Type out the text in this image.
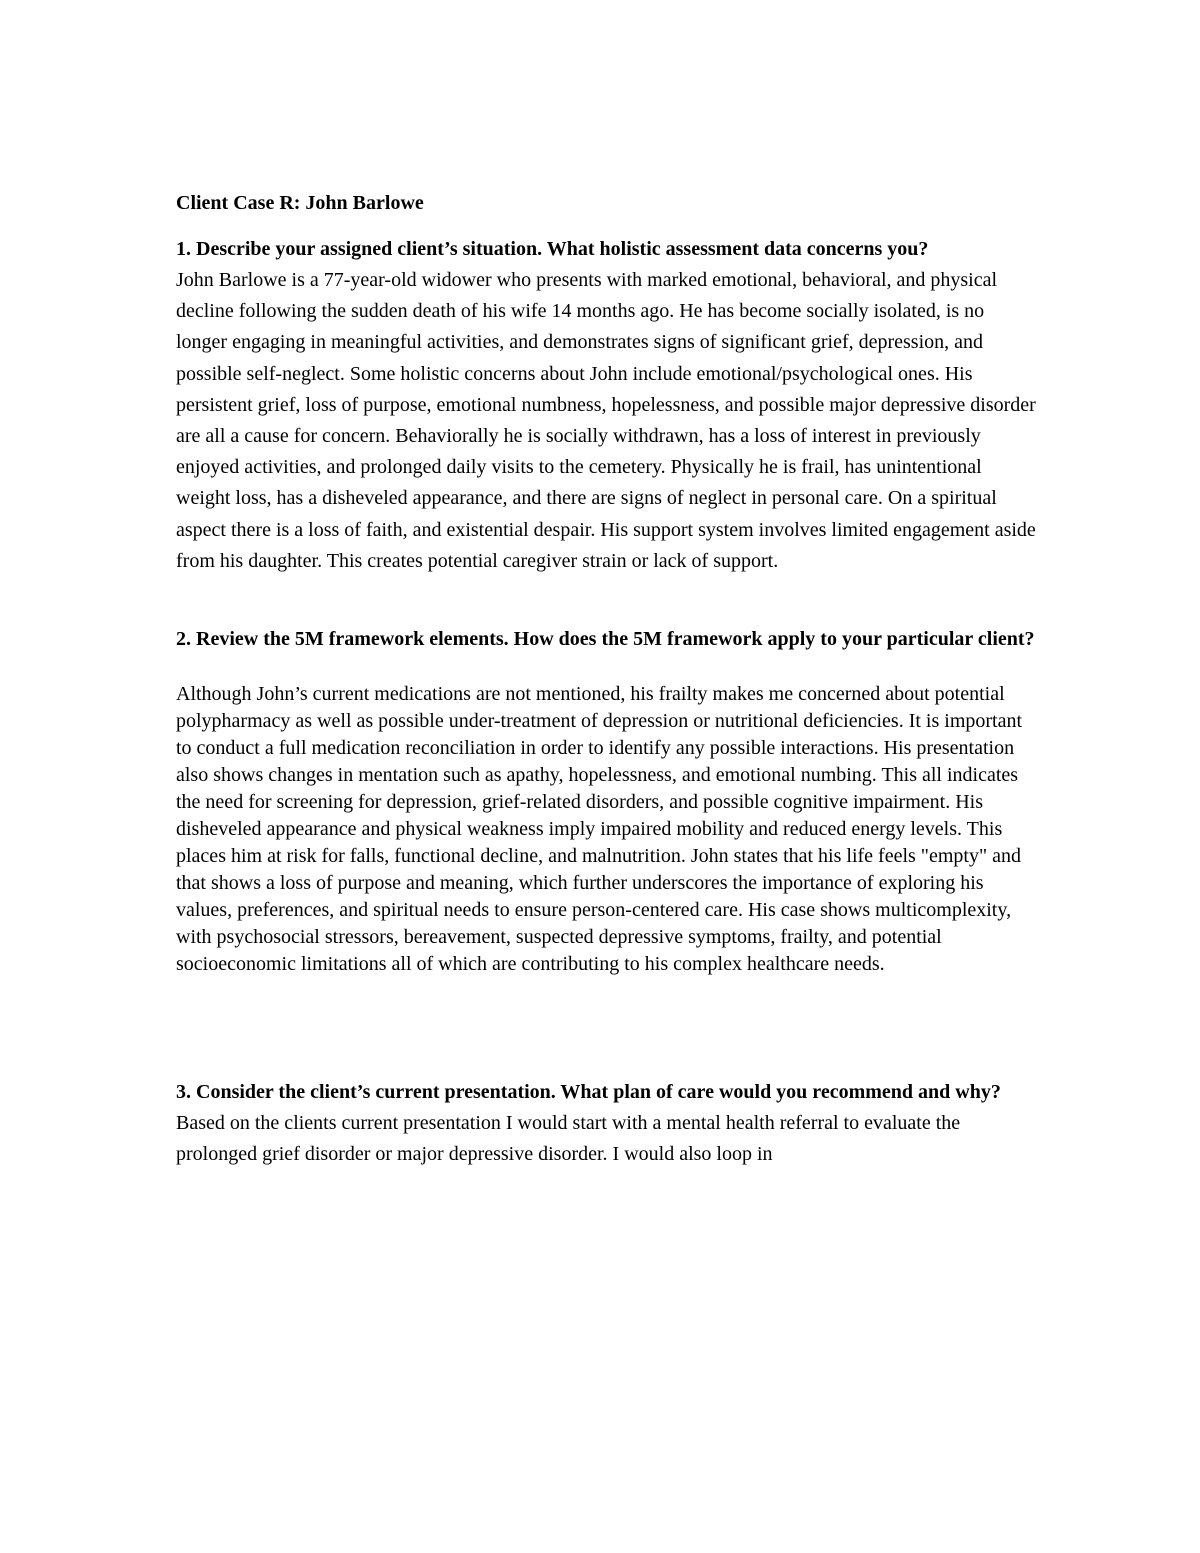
Client Case R: John Barlowe

1. Describe your assigned client’s situation. What holistic assessment data concerns you?

John Barlowe is a 77-year-old widower who presents with marked emotional, behavioral, and physical decline following the sudden death of his wife 14 months ago. He has become socially isolated, is no longer engaging in meaningful activities, and demonstrates signs of significant grief, depression, and possible self-neglect. Some holistic concerns about John include emotional/psychological ones. His persistent grief, loss of purpose, emotional numbness, hopelessness, and possible major depressive disorder are all a cause for concern. Behaviorally he is socially withdrawn, has a loss of interest in previously enjoyed activities, and prolonged daily visits to the cemetery. Physically he is frail, has unintentional weight loss, has a disheveled appearance, and there are signs of neglect in personal care. On a spiritual aspect there is a loss of faith, and existential despair. His support system involves limited engagement aside from his daughter. This creates potential caregiver strain or lack of support.

2. Review the 5M framework elements. How does the 5M framework apply to your particular client?

Although John’s current medications are not mentioned, his frailty makes me concerned about potential polypharmacy as well as possible under-treatment of depression or nutritional deficiencies. It is important to conduct a full medication reconciliation in order to identify any possible interactions. His presentation also shows changes in mentation such as apathy, hopelessness, and emotional numbing. This all indicates the need for screening for depression, grief-related disorders, and possible cognitive impairment. His disheveled appearance and physical weakness imply impaired mobility and reduced energy levels. This places him at risk for falls, functional decline, and malnutrition. John states that his life feels "empty" and that shows a loss of purpose and meaning, which further underscores the importance of exploring his values, preferences, and spiritual needs to ensure person-centered care. His case shows multicomplexity, with psychosocial stressors, bereavement, suspected depressive symptoms, frailty, and potential socioeconomic limitations all of which are contributing to his complex healthcare needs.

3. Consider the client’s current presentation. What plan of care would you recommend and why?

Based on the clients current presentation I would start with a mental health referral to evaluate the prolonged grief disorder or major depressive disorder. I would also loop in
